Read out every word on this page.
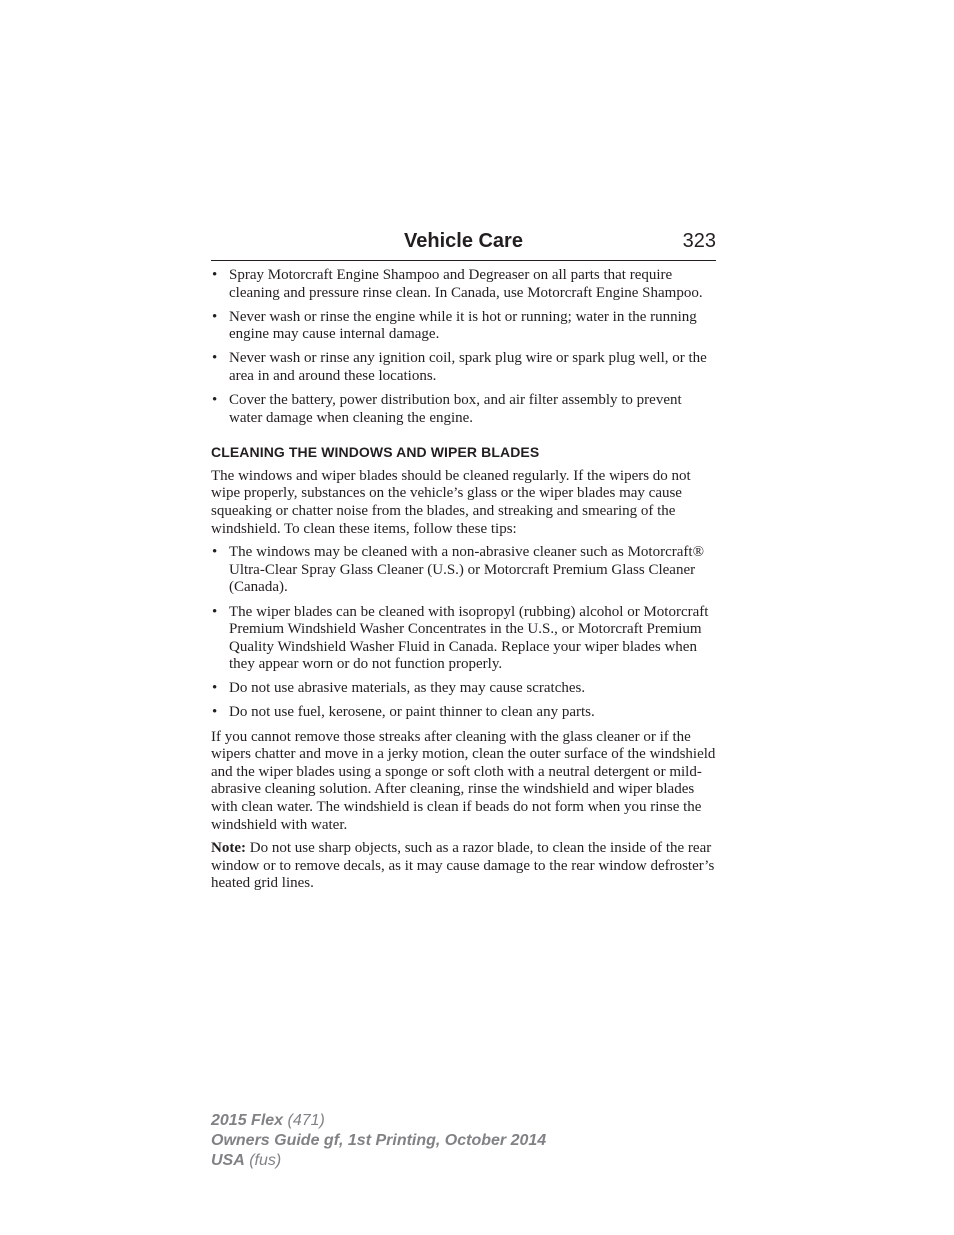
Vehicle Care	323
• Spray Motorcraft Engine Shampoo and Degreaser on all parts that require cleaning and pressure rinse clean. In Canada, use Motorcraft Engine Shampoo.
• Never wash or rinse the engine while it is hot or running; water in the running engine may cause internal damage.
• Never wash or rinse any ignition coil, spark plug wire or spark plug well, or the area in and around these locations.
• Cover the battery, power distribution box, and air filter assembly to prevent water damage when cleaning the engine.
CLEANING THE WINDOWS AND WIPER BLADES

The windows and wiper blades should be cleaned regularly. If the wipers do not wipe properly, substances on the vehicle’s glass or the wiper blades may cause squeaking or chatter noise from the blades, and streaking and smearing of the windshield. To clean these items, follow these tips:

• The windows may be cleaned with a non-abrasive cleaner such as Motorcraft® Ultra-Clear Spray Glass Cleaner (U.S.) or Motorcraft Premium Glass Cleaner (Canada).
• The wiper blades can be cleaned with isopropyl (rubbing) alcohol or Motorcraft Premium Windshield Washer Concentrates in the U.S., or Motorcraft Premium Quality Windshield Washer Fluid in Canada. Replace your wiper blades when they appear worn or do not function properly.
• Do not use abrasive materials, as they may cause scratches.
• Do not use fuel, kerosene, or paint thinner to clean any parts.

If you cannot remove those streaks after cleaning with the glass cleaner or if the wipers chatter and move in a jerky motion, clean the outer surface of the windshield and the wiper blades using a sponge or soft cloth with a neutral detergent or mild-abrasive cleaning solution. After cleaning, rinse the windshield and wiper blades with clean water. The windshield is clean if beads do not form when you rinse the windshield with water.

Note: Do not use sharp objects, such as a razor blade, to clean the inside of the rear window or to remove decals, as it may cause damage to the rear window defroster’s heated grid lines.

2015 Flex (471)
Owners Guide gf, 1st Printing, October 2014
USA (fus)
